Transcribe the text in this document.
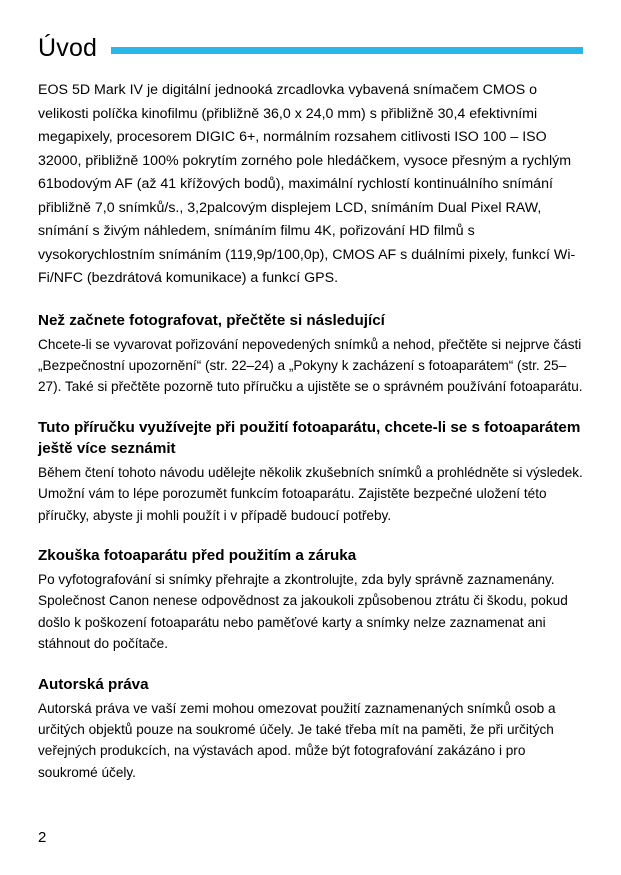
Úvod
EOS 5D Mark IV je digitální jednooká zrcadlovka vybavená snímačem CMOS o velikosti políčka kinofilmu (přibližně 36,0 x 24,0 mm) s přibližně 30,4 efektivními megapixely, procesorem DIGIC 6+, normálním rozsahem citlivosti ISO 100 – ISO 32000, přibližně 100% pokrytím zorného pole hledáčkem, vysoce přesným a rychlým 61bodovým AF (až 41 křížových bodů), maximální rychlostí kontinuálního snímání přibližně 7,0 snímků/s., 3,2palcovým displejem LCD, snímáním Dual Pixel RAW, snímání s živým náhledem, snímáním filmu 4K, pořizování HD filmů s vysokorychlostním snímáním (119,9p/100,0p), CMOS AF s duálními pixely, funkcí Wi-Fi/NFC (bezdrátová komunikace) a funkcí GPS.
Než začnete fotografovat, přečtěte si následující
Chcete-li se vyvarovat pořizování nepovedených snímků a nehod, přečtěte si nejprve části „Bezpečnostní upozornění“ (str. 22–24) a „Pokyny k zacházení s fotoaparátem“ (str. 25–27). Také si přečtěte pozorně tuto příručku a ujistěte se o správném používání fotoaparátu.
Tuto příručku využívejte při použití fotoaparátu, chcete-li se s fotoaparátem ještě více seznámit
Během čtení tohoto návodu udělejte několik zkušebních snímků a prohlédněte si výsledek. Umožní vám to lépe porozumět funkcím fotoaparátu. Zajistěte bezpečné uložení této příručky, abyste ji mohli použít i v případě budoucí potřeby.
Zkouška fotoaparátu před použitím a záruka
Po vyfotografování si snímky přehrajte a zkontrolujte, zda byly správně zaznamenány. Společnost Canon nenese odpovědnost za jakoukoli způsobenou ztrátu či škodu, pokud došlo k poškození fotoaparátu nebo paměťové karty a snímky nelze zaznamenat ani stáhnout do počítače.
Autorská práva
Autorská práva ve vaší zemi mohou omezovat použití zaznamenaných snímků osob a určitých objektů pouze na soukromé účely. Je také třeba mít na paměti, že při určitých veřejných produkcích, na výstavách apod. může být fotografování zakázáno i pro soukromé účely.
2
